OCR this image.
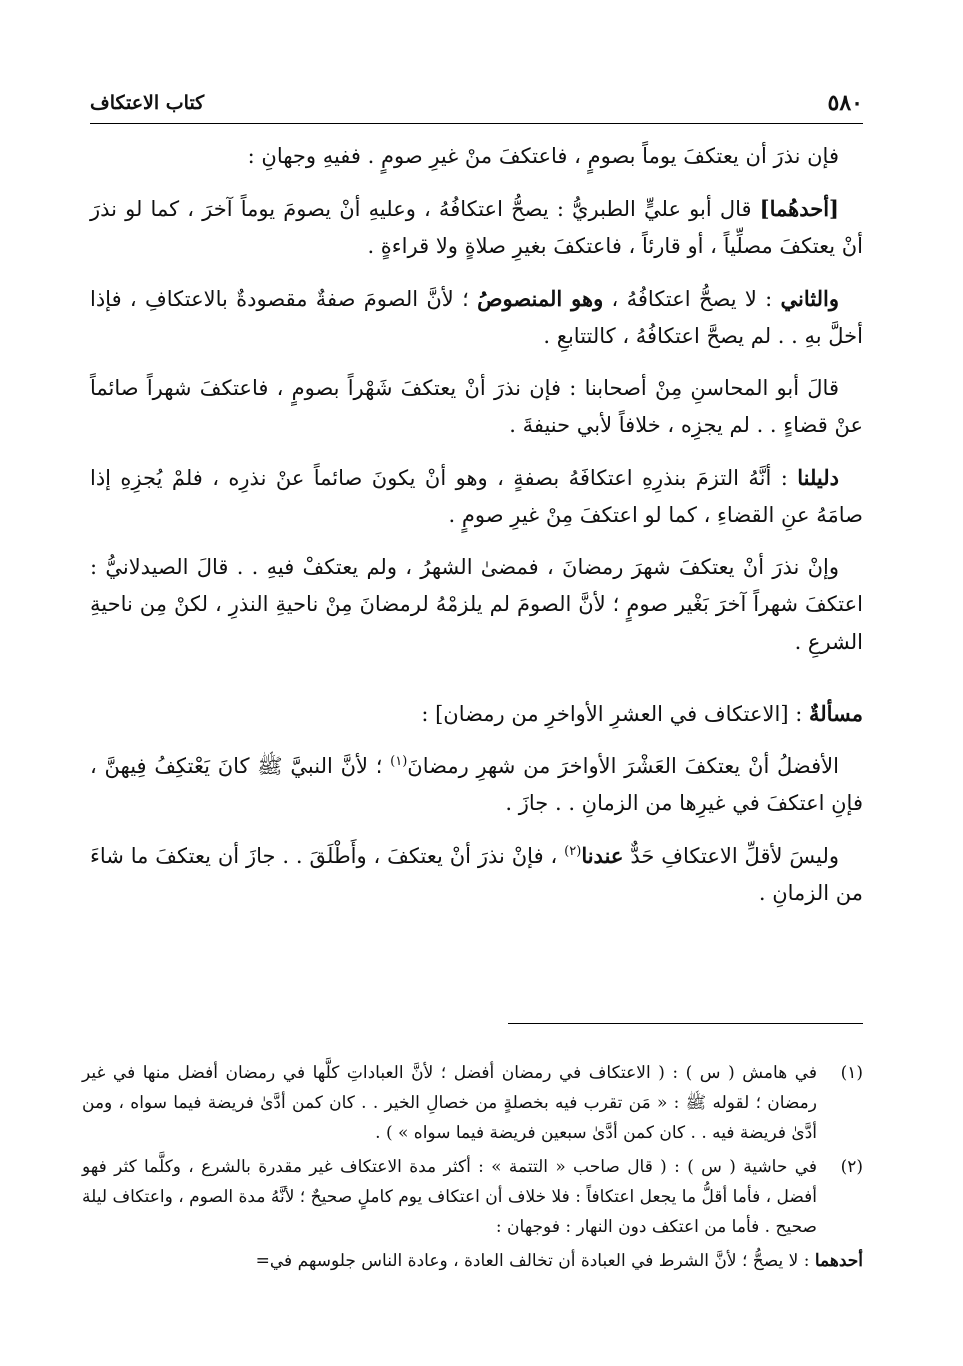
٥٨٠
كتاب الاعتكاف

فإن نذرَ أن يعتكفَ يوماً بصومٍ ، فاعتكفَ منْ غيرِ صومٍ . ففيهِ وجهانِ :

[أحدهُما] قال أبو عليٍّ الطبريُّ : يصحُّ اعتكافُهُ ، وعليهِ أنْ يصومَ يوماً آخرَ ، كما لو نذرَ أنْ يعتكفَ مصلِّياً ، أو قارئاً ، فاعتكفَ بغيرِ صلاةٍ ولا قراءةٍ .

والثاني : لا يصحُّ اعتكافُهُ ، وهو المنصوصُ ؛ لأنَّ الصومَ صفةٌ مقصودةٌ بالاعتكافِ ، فإذا أخلَّ بهِ . . لم يصحَّ اعتكافُهُ ، كالتتابعِ .

قالَ أبو المحاسنِ مِنْ أصحابنا : فإن نذرَ أنْ يعتكفَ شَهْراً بصومٍ ، فاعتكفَ شهراً صائماً عنْ قضاءٍ . . لم يجزِه ، خلافاً لأبي حنيفةَ .

دليلنا : أنَّهُ التزمَ بنذرِهِ اعتكافَهُ بصفةٍ ، وهو أنْ يكونَ صائماً عنْ نذرِه ، فلمْ يُجزِهِ إذا صامَهُ عنِ القضاءِ ، كما لو اعتكفَ مِنْ غيرِ صومٍ .

وإنْ نذرَ أنْ يعتكفَ شهرَ رمضانَ ، فمضىٰ الشهرُ ، ولم يعتكفْ فيهِ . . قالَ الصيدلانيُّ : اعتكفَ شهراً آخرَ بَغْير صومٍ ؛ لأنَّ الصومَ لم يلزمْهُ لرمضانَ مِنْ ناحيةِ النذرِ ، لكنْ مِن ناحيةِ الشرعِ .

مسألةٌ : [الاعتكاف في العشرِ الأواخرِ من رمضان] :

الأفضلُ أنْ يعتكفَ العَشْرَ الأواخرَ من شهرِ رمضانَ$^{(١)}$ ؛ لأنَّ النبيَّ ﷺ كانَ يَعْتكِفُ فِيهنَّ ، فإنِ اعتكفَ في غيرِها من الزمانِ . . جازَ .

وليسَ لأقلِّ الاعتكافِ حَدٌّ عندنا$^{(٢)}$ ، فإنْ نذرَ أنْ يعتكفَ ، وأَطْلَقَ . . جازَ أن يعتكفَ ما شاءَ من الزمانِ .

(١)
في هامش ( س ) : ( الاعتكاف في رمضان أفضل ؛ لأنَّ العباداتِ كلَّها في رمضان أفضل منها في غير رمضان ؛ لقوله ﷺ : « مَن تقرب فيه بخصلةٍ من خصالِ الخير . . كان كمن أدَّىٰ فريضة فيما سواه ، ومن أدَّىٰ فريضة فيه . . كان كمن أدَّىٰ سبعين فريضة فيما سواه » ) .
(٢)
في حاشية ( س ) : ( قال صاحب « التتمة » : أكثر مدة الاعتكاف غير مقدرة بالشرع ، وكلَّما كثر فهو أفضل ، فأما أقلُّ ما يجعل اعتكافاً : فلا خلاف أن اعتكاف يوم كاملٍ صحيحٌ ؛ لأنَّهُ مدة الصوم ، واعتكاف ليلة صحيح . فأما من اعتكف دون النهار : فوجهان :

أحدهما : لا يصحُّ ؛ لأنَّ الشرط في العبادة أن تخالف العادة ، وعادة الناس جلوسهم في=
